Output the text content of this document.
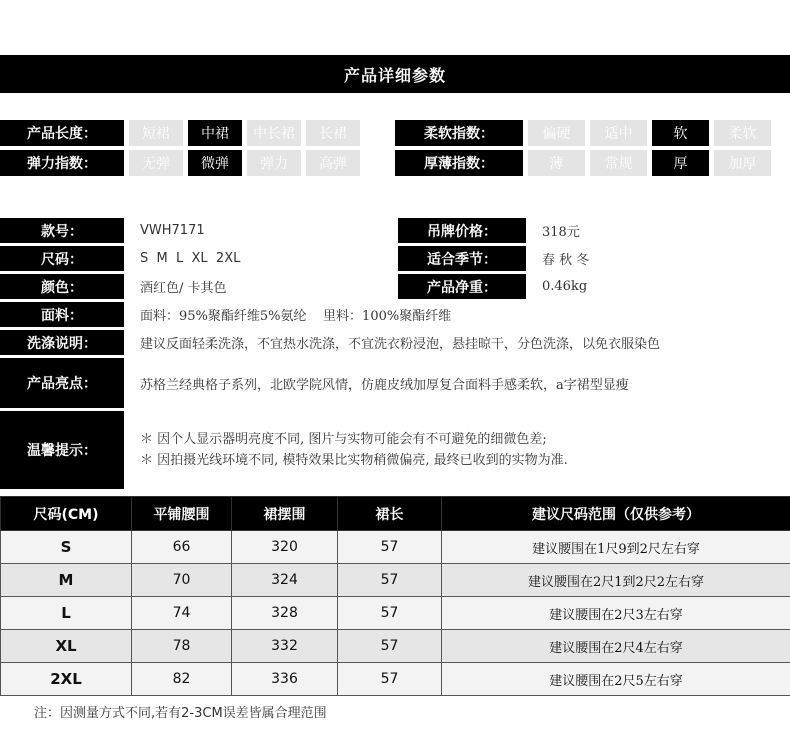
产品详细参数
产品长度：	短裙	中裙	中长裙	长裙	柔软指数：	偏硬	适中	软	柔软
弹力指数：	无弹	微弹	弹力	高弹	厚薄指数：	薄	常规	厚	加厚
款号：	VWH7171	吊牌价格：	318元
尺码：	S  M  L  XL  2XL	适合季节：	春 秋 冬
颜色：	酒红色/ 卡其色	产品净重：	0.46kg
面料：	面料：95%聚酯纤维5%氨纶    里料：100%聚酯纤维
洗涤说明：	建议反面轻柔洗涤，不宜热水洗涤，不宜洗衣粉浸泡，悬挂晾干，分色洗涤，以免衣服染色
产品亮点：	苏格兰经典格子系列，北欧学院风情，仿鹿皮绒加厚复合面料手感柔软，a字裙型显瘦
温馨提示：
＊ 因个人显示器明亮度不同, 图片与实物可能会有不可避免的细微色差;
＊ 因拍摄光线环境不同, 模特效果比实物稍微偏亮, 最终已收到的实物为准.
尺码(CM)	平铺腰围	裙摆围	裙长	建议尺码范围（仅供参考）
S	66	320	57	建议腰围在1尺9到2尺左右穿
M	70	324	57	建议腰围在2尺1到2尺2左右穿
L	74	328	57	建议腰围在2尺3左右穿
XL	78	332	57	建议腰围在2尺4左右穿
2XL	82	336	57	建议腰围在2尺5左右穿
注：因测量方式不同,若有2-3CM误差皆属合理范围
